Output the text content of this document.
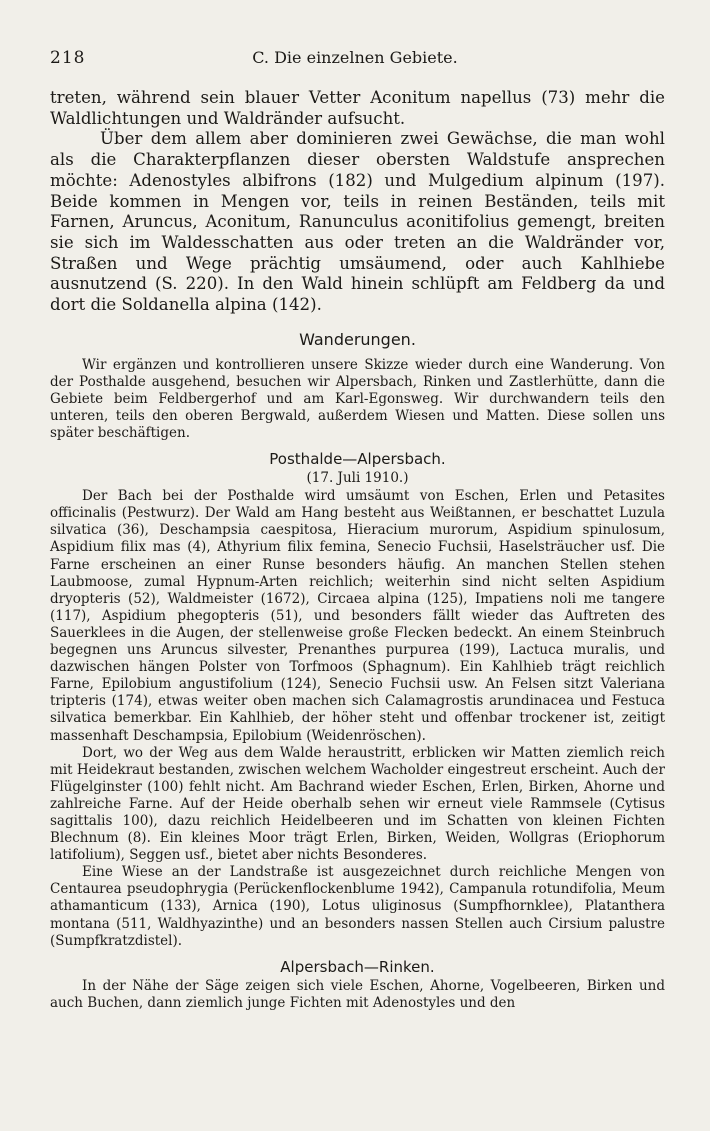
218	C. Die einzelnen Gebiete.

treten, während sein blauer Vetter Aconitum napellus (73) mehr die Waldlichtungen und Waldränder aufsucht.

Über dem allem aber dominieren zwei Gewächse, die man wohl als die Charakterpflanzen dieser obersten Waldstufe ansprechen möchte: Adenostyles albifrons (182) und Mulgedium alpinum (197). Beide kommen in Mengen vor, teils in reinen Beständen, teils mit Farnen, Aruncus, Aconitum, Ranunculus aconitifolius gemengt, breiten sie sich im Waldesschatten aus oder treten an die Waldränder vor, Straßen und Wege prächtig umsäumend, oder auch Kahlhiebe ausnutzend (S. 220). In den Wald hinein schlüpft am Feldberg da und dort die Soldanella alpina (142).

Wanderungen.

Wir ergänzen und kontrollieren unsere Skizze wieder durch eine Wanderung. Von der Posthalde ausgehend, besuchen wir Alpersbach, Rinken und Zastlerhütte, dann die Gebiete beim Feldbergerhof und am Karl-Egonsweg. Wir durchwandern teils den unteren, teils den oberen Bergwald, außerdem Wiesen und Matten. Diese sollen uns später beschäftigen.

Posthalde—Alpersbach.
(17. Juli 1910.)

Der Bach bei der Posthalde wird umsäumt von Eschen, Erlen und Petasites officinalis (Pestwurz). Der Wald am Hang besteht aus Weißtannen, er beschattet Luzula silvatica (36), Deschampsia caespitosa, Hieracium murorum, Aspidium spinulosum, Aspidium filix mas (4), Athyrium filix femina, Senecio Fuchsii, Haselsträucher usf. Die Farne erscheinen an einer Runse besonders häufig. An manchen Stellen stehen Laubmoose, zumal Hypnum-Arten reichlich; weiterhin sind nicht selten Aspidium dryopteris (52), Waldmeister (1672), Circaea alpina (125), Impatiens noli me tangere (117), Aspidium phegopteris (51), und besonders fällt wieder das Auftreten des Sauerklees in die Augen, der stellenweise große Flecken bedeckt. An einem Steinbruch begegnen uns Aruncus silvester, Prenanthes purpurea (199), Lactuca muralis, und dazwischen hängen Polster von Torfmoos (Sphagnum). Ein Kahlhieb trägt reichlich Farne, Epilobium angustifolium (124), Senecio Fuchsii usw. An Felsen sitzt Valeriana tripteris (174), etwas weiter oben machen sich Calamagrostis arundinacea und Festuca silvatica bemerkbar. Ein Kahlhieb, der höher steht und offenbar trockener ist, zeitigt massenhaft Deschampsia, Epilobium (Weidenröschen).

Dort, wo der Weg aus dem Walde heraustritt, erblicken wir Matten ziemlich reich mit Heidekraut bestanden, zwischen welchem Wacholder eingestreut erscheint. Auch der Flügelginster (100) fehlt nicht. Am Bachrand wieder Eschen, Erlen, Birken, Ahorne und zahlreiche Farne. Auf der Heide oberhalb sehen wir erneut viele Rammsele (Cytisus sagittalis 100), dazu reichlich Heidelbeeren und im Schatten von kleinen Fichten Blechnum (8). Ein kleines Moor trägt Erlen, Birken, Weiden, Wollgras (Eriophorum latifolium), Seggen usf., bietet aber nichts Besonderes.

Eine Wiese an der Landstraße ist ausgezeichnet durch reichliche Mengen von Centaurea pseudophrygia (Perückenflockenblume 1942), Campanula rotundifolia, Meum athamanticum (133), Arnica (190), Lotus uliginosus (Sumpfhornklee), Platanthera montana (511, Waldhyazinthe) und an besonders nassen Stellen auch Cirsium palustre (Sumpfkratzdistel).

Alpersbach—Rinken.

In der Nähe der Säge zeigen sich viele Eschen, Ahorne, Vogelbeeren, Birken und auch Buchen, dann ziemlich junge Fichten mit Adenostyles und den
